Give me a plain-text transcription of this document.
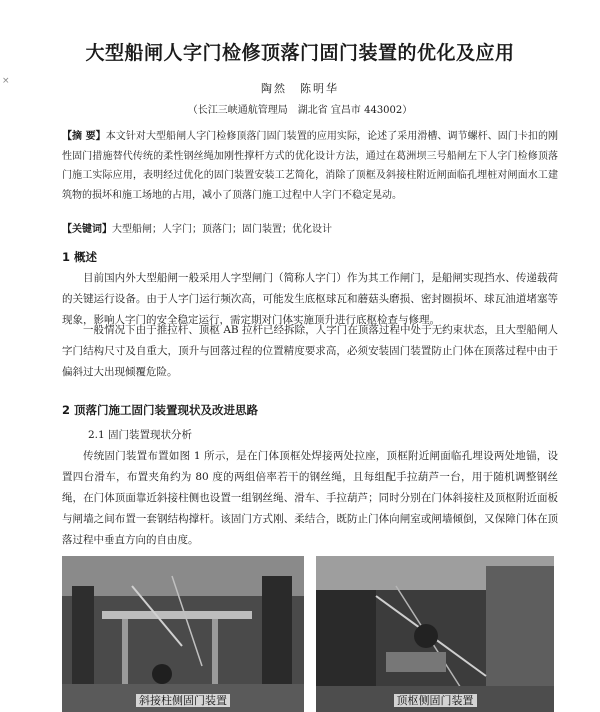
×
大型船闸人字门检修顶落门固门装置的优化及应用
陶然　陈明华
（长江三峡通航管理局　湖北省 宜昌市 443002）
【摘 要】本文针对大型船闸人字门检修顶落门固门装置的应用实际，论述了采用滑槽、调节螺杆、固门卡扣的刚性固门措施替代传统的柔性钢丝绳加刚性撑杆方式的优化设计方法，通过在葛洲坝三号船闸左下人字门检修顶落门施工实际应用，表明经过优化的固门装置安装工艺简化，消除了顶框及斜接柱附近闸面临孔埋桩对闸面水工建 筑物的损坏和施工场地的占用，减小了顶落门施工过程中人字门不稳定晃动。
【关键词】大型船闸；人字门；顶落门；固门装置；优化设计
1 概述
目前国内外大型船闸一般采用人字型闸门（简称人字门）作为其工作闸门，是船闸实现挡水、传递载荷的关键运行设备。由于人字门运行频次高，可能发生底枢球瓦和蘑菇头磨损、密封圈损坏、球瓦油道堵塞等现象，影响人字门的安全稳定运行，需定期对门体实施顶升进行底枢检查与修理。
一般情况下由于推拉杆、顶枢 AB 拉杆已经拆除，人字门在顶落过程中处于无约束状态，且大型船闸人字门结构尺寸及自重大，顶升与回落过程的位置精度要求高，必须安装固门装置防止门体在顶落过程中由于偏斜过大出现倾覆危险。
2 顶落门施工固门装置现状及改进思路
2.1 固门装置现状分析
传统固门装置布置如图 1 所示，是在门体顶框处焊接两处拉座，顶框附近闸面临孔埋设两处地锚，设置四台滑车，布置夹角约为 80 度的两组倍率若干的钢丝绳，且每组配手拉葫芦一台，用于随机调整钢丝绳，在门体顶面靠近斜接柱侧也设置一组钢丝绳、滑车、手拉葫芦；同时分别在门体斜接柱及顶枢附近面板与闸墙之间布置一套钢结构撑杆。该固门方式刚、柔结合，既防止门体向闸室或闸墙倾倒，又保障门体在顶落过程中垂直方向的自由度。
斜接柱侧固门装置	顶枢侧固门装置
